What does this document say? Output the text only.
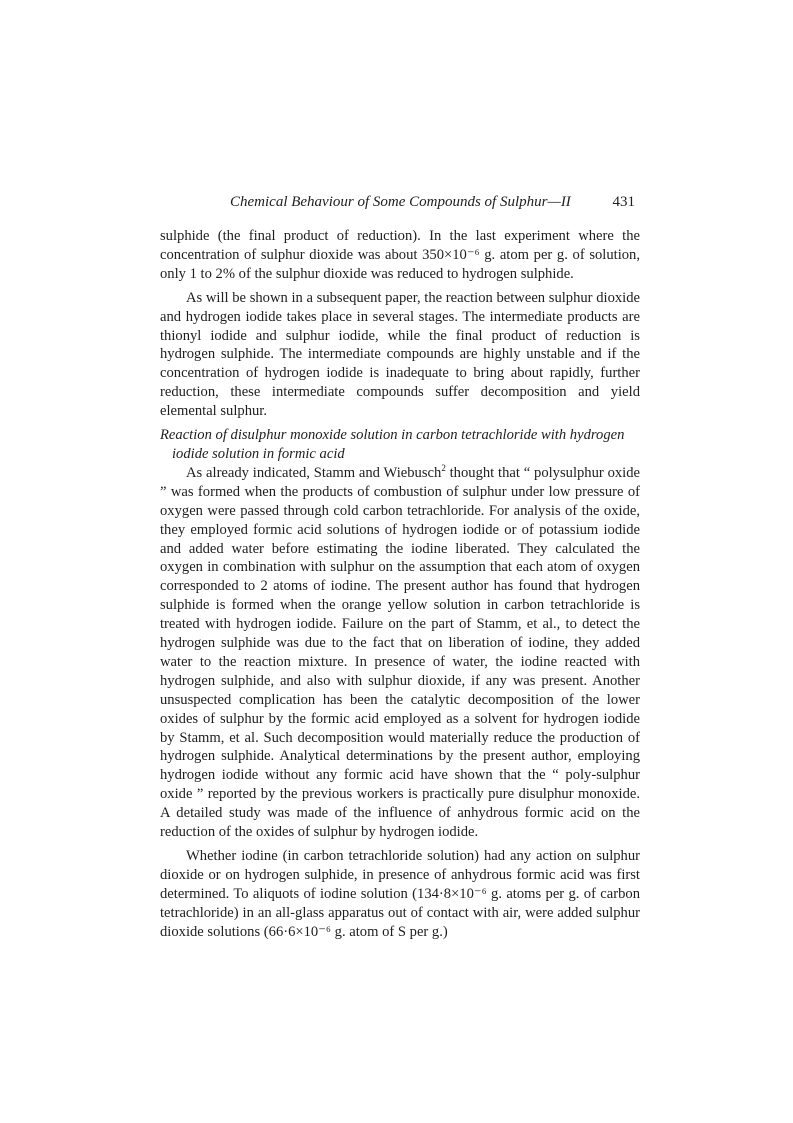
Chemical Behaviour of Some Compounds of Sulphur—II	431

sulphide (the final product of reduction). In the last experiment where the concentration of sulphur dioxide was about 350×10⁻⁶ g. atom per g. of solution, only 1 to 2% of the sulphur dioxide was reduced to hydrogen sulphide.

As will be shown in a subsequent paper, the reaction between sulphur dioxide and hydrogen iodide takes place in several stages. The intermediate products are thionyl iodide and sulphur iodide, while the final product of reduction is hydrogen sulphide. The intermediate compounds are highly unstable and if the concentration of hydrogen iodide is inadequate to bring about rapidly, further reduction, these intermediate compounds suffer decomposition and yield elemental sulphur.

Reaction of disulphur monoxide solution in carbon tetrachloride with hydrogen
iodide solution in formic acid

As already indicated, Stamm and Wiebusch$^2$ thought that “ polysulphur oxide ” was formed when the products of combustion of sulphur under low pressure of oxygen were passed through cold carbon tetrachloride. For analysis of the oxide, they employed formic acid solutions of hydrogen iodide or of potassium iodide and added water before estimating the iodine liberated. They calculated the oxygen in combination with sulphur on the assumption that each atom of oxygen corresponded to 2 atoms of iodine. The present author has found that hydrogen sulphide is formed when the orange yellow solution in carbon tetrachloride is treated with hydrogen iodide. Failure on the part of Stamm, et al., to detect the hydrogen sulphide was due to the fact that on liberation of iodine, they added water to the reaction mixture. In presence of water, the iodine reacted with hydrogen sulphide, and also with sulphur dioxide, if any was present. Another unsuspected complication has been the catalytic decomposition of the lower oxides of sulphur by the formic acid employed as a solvent for hydrogen iodide by Stamm, et al. Such decomposition would materially reduce the production of hydrogen sulphide. Analytical determinations by the present author, employing hydrogen iodide without any formic acid have shown that the “ poly-sulphur oxide ” reported by the previous workers is practically pure disulphur monoxide. A detailed study was made of the influence of anhydrous formic acid on the reduction of the oxides of sulphur by hydrogen iodide.

Whether iodine (in carbon tetrachloride solution) had any action on sulphur dioxide or on hydrogen sulphide, in presence of anhydrous formic acid was first determined. To aliquots of iodine solution (134·8×10⁻⁶ g. atoms per g. of carbon tetrachloride) in an all-glass apparatus out of contact with air, were added sulphur dioxide solutions (66·6×10⁻⁶ g. atom of S per g.)
